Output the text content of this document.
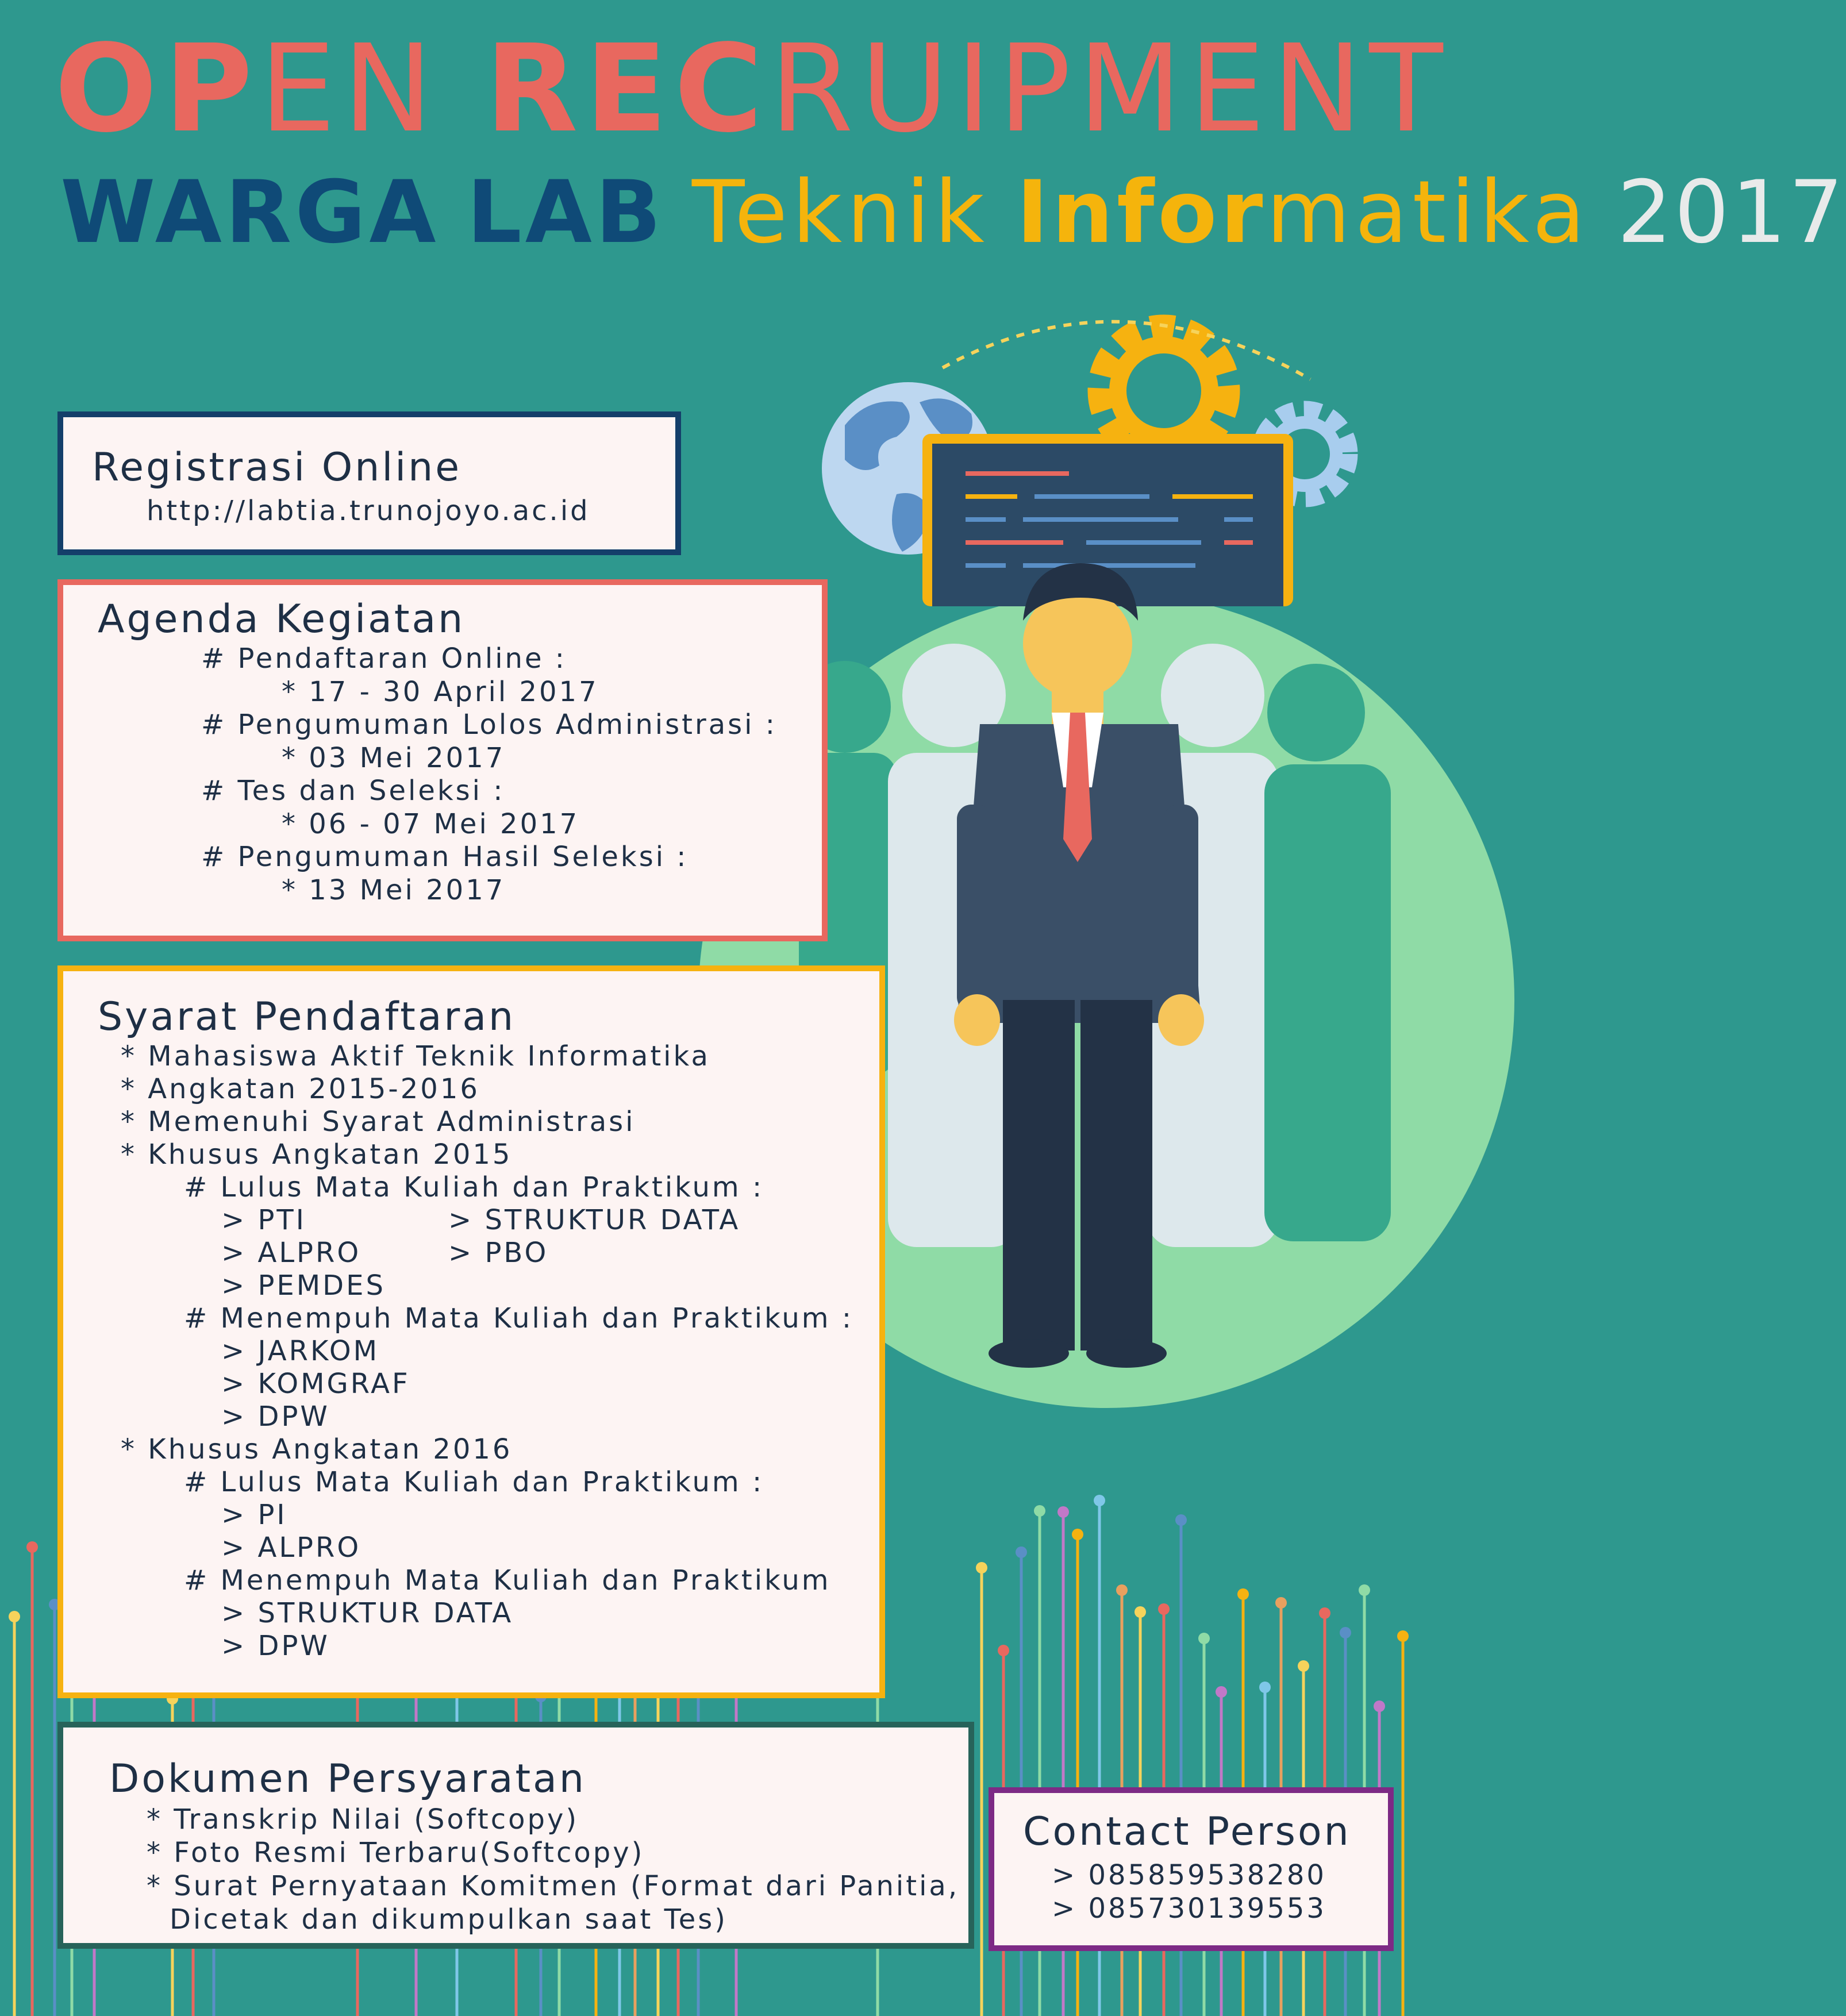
OPEN RECRUIPMENT
WARGA LAB Teknik Informatika 2017
Registrasi Online
http://labtia.trunojoyo.ac.id
Agenda Kegiatan
# Pendaftaran Online :
* 17 - 30 April 2017
# Pengumuman Lolos Administrasi :
* 03 Mei 2017
# Tes dan Seleksi :
* 06 - 07 Mei 2017
# Pengumuman Hasil Seleksi :
* 13 Mei 2017
Syarat Pendaftaran
* Mahasiswa Aktif Teknik Informatika
* Angkatan 2015-2016
* Memenuhi Syarat Administrasi
* Khusus Angkatan 2015
# Lulus Mata Kuliah dan Praktikum :
> PTI	> STRUKTUR DATA
> ALPRO	> PBO
> PEMDES
# Menempuh Mata Kuliah dan Praktikum :
> JARKOM
> KOMGRAF
> DPW
* Khusus Angkatan 2016
# Lulus Mata Kuliah dan Praktikum :
> PI
> ALPRO
# Menempuh Mata Kuliah dan Praktikum
> STRUKTUR DATA
> DPW
Dokumen Persyaratan
* Transkrip Nilai (Softcopy)
* Foto Resmi Terbaru(Softcopy)
* Surat Pernyataan Komitmen (Format dari Panitia,
Dicetak dan dikumpulkan saat Tes)
Contact Person
> 085859538280
> 085730139553
